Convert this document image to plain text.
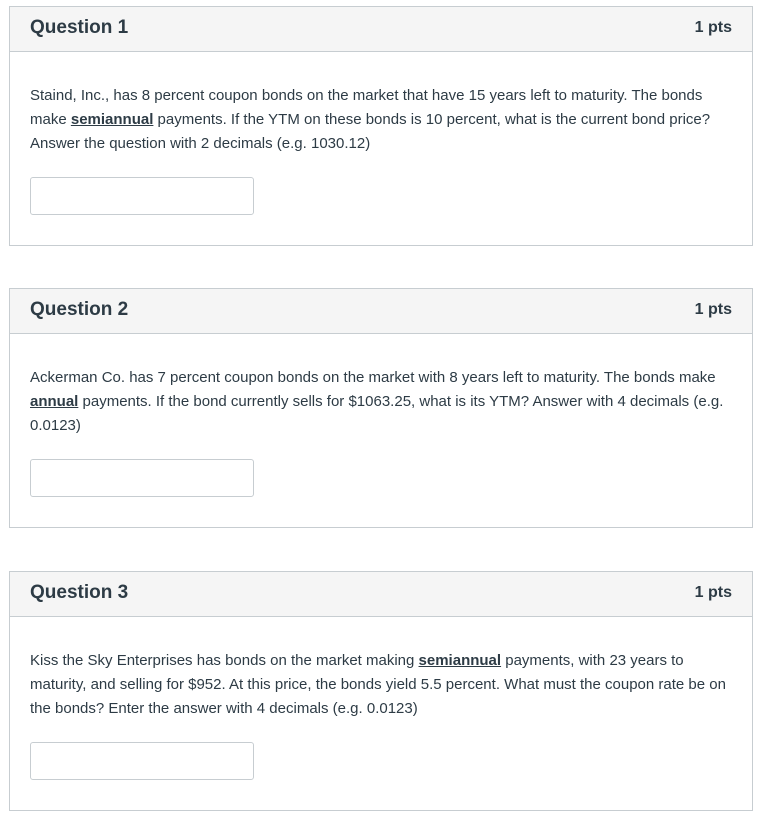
Question 1	1 pts
Staind, Inc., has 8 percent coupon bonds on the market that have 15 years left to maturity. The bonds make semiannual payments. If the YTM on these bonds is 10 percent, what is the current bond price? Answer the question with 2 decimals (e.g. 1030.12)
Question 2	1 pts
Ackerman Co. has 7 percent coupon bonds on the market with 8 years left to maturity. The bonds make annual payments. If the bond currently sells for $1063.25, what is its YTM? Answer with 4 decimals (e.g. 0.0123)
Question 3	1 pts
Kiss the Sky Enterprises has bonds on the market making semiannual payments, with 23 years to maturity, and selling for $952. At this price, the bonds yield 5.5 percent. What must the coupon rate be on the bonds? Enter the answer with 4 decimals (e.g. 0.0123)
